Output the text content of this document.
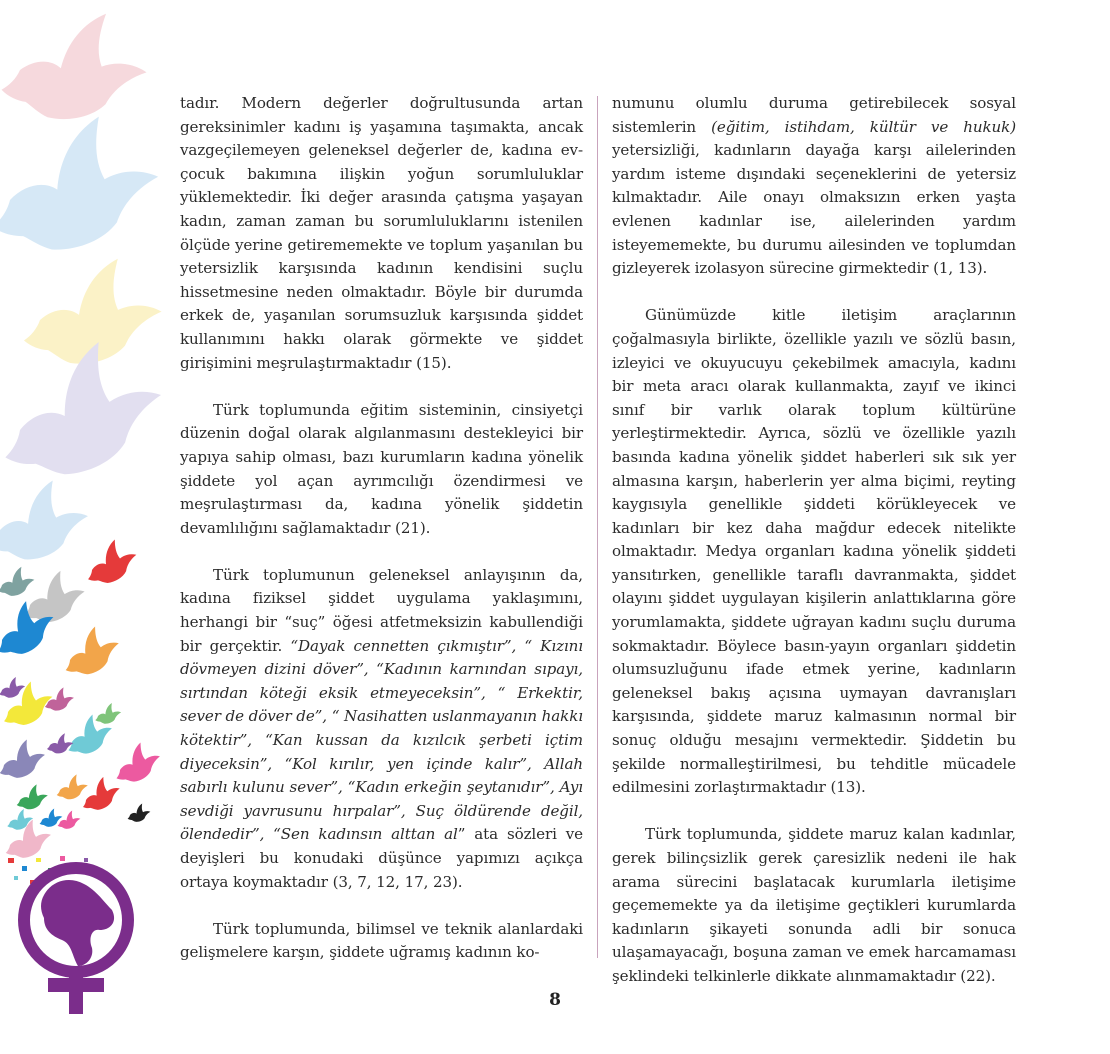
tadır. Modern değerler doğrultusunda artan gereksinimler kadını iş yaşamına taşımakta, ancak vazgeçilemeyen geleneksel değerler de, kadına ev-çocuk bakımına ilişkin yoğun sorumluluklar yüklemektedir. İki değer arasında çatışma yaşayan kadın, zaman zaman bu sorumluluklarını istenilen ölçüde yerine getirememekte ve toplum yaşanılan bu yetersizlik karşısında kadının kendisini suçlu hissetmesine neden olmaktadır. Böyle bir durumda erkek de, yaşanılan sorumsuzluk karşısında şiddet kullanımını hakkı olarak görmekte ve şiddet girişimini meşrulaştırmaktadır (15).

Türk toplumunda eğitim sisteminin, cinsiyetçi düzenin doğal olarak algılanmasını destekleyici bir yapıya sahip olması, bazı kurumların kadına yönelik şiddete yol açan ayrımcılığı özendirmesi ve meşrulaştırması da, kadına yönelik şiddetin devamlılığını sağlamaktadır (21).

Türk toplumunun geleneksel anlayışının da, kadına fiziksel şiddet uygulama yaklaşımını, herhangi bir “suç” öğesi atfetmeksizin kabullendiği bir gerçektir. “Dayak cennetten çıkmıştır”, “ Kızını dövmeyen dizini döver”, “Kadının karnından sıpayı, sırtından köteği eksik etmeyeceksin”, “ Erkektir, sever de döver de”, “ Nasihatten uslanmayanın hakkı kötektir”, “Kan kussan da kızılcık şerbeti içtim diyeceksin”, “Kol kırılır, yen içinde kalır”, Allah sabırlı kulunu sever”, “Kadın erkeğin şeytanıdır”, Ayı sevdiği yavrusunu hırpalar”, Suç öldürende değil, ölendedir”, “Sen kadınsın alttan al” ata sözleri ve deyişleri bu konudaki düşünce yapımızı açıkça ortaya koymaktadır (3, 7, 12, 17, 23).

Türk toplumunda, bilimsel ve teknik alanlardaki gelişmelere karşın, şiddete uğramış kadının ko-

numunu olumlu duruma getirebilecek sosyal sistemlerin (eğitim, istihdam, kültür ve hukuk) yetersizliği, kadınların dayağa karşı ailelerinden yardım isteme dışındaki seçeneklerini de yetersiz kılmaktadır. Aile onayı olmaksızın erken yaşta evlenen kadınlar ise, ailelerinden yardım isteyememekte, bu durumu ailesinden ve toplumdan gizleyerek izolasyon sürecine girmektedir (1, 13).

Günümüzde kitle iletişim araçlarının çoğalmasıyla birlikte, özellikle yazılı ve sözlü basın, izleyici ve okuyucuyu çekebilmek amacıyla, kadını bir meta aracı olarak kullanmakta, zayıf ve ikinci sınıf bir varlık olarak toplum kültürüne yerleştirmektedir. Ayrıca, sözlü ve özellikle yazılı basında kadına yönelik şiddet haberleri sık sık yer almasına karşın, haberlerin yer alma biçimi, reyting kaygısıyla genellikle şiddeti körükleyecek ve kadınları bir kez daha mağdur edecek nitelikte olmaktadır. Medya organları kadına yönelik şiddeti yansıtırken, genellikle taraflı davranmakta, şiddet olayını şiddet uygulayan kişilerin anlattıklarına göre yorumlamakta, şiddete uğrayan kadını suçlu duruma sokmaktadır. Böylece basın-yayın organları şiddetin olumsuzluğunu ifade etmek yerine, kadınların geleneksel bakış açısına uymayan davranışları karşısında, şiddete maruz kalmasının normal bir sonuç olduğu mesajını vermektedir. Şiddetin bu şekilde normalleştirilmesi, bu tehditle mücadele edilmesini zorlaştırmaktadır (13).

Türk toplumunda, şiddete maruz kalan kadınlar, gerek bilinçsizlik gerek çaresizlik nedeni ile hak arama sürecini başlatacak kurumlarla iletişime geçememekte ya da iletişime geçtikleri kurumlarda kadınların şikayeti sonunda adli bir sonuca ulaşamayacağı, boşuna zaman ve emek harcamaması şeklindeki telkinlerle dikkate alınmamaktadır (22).

8
